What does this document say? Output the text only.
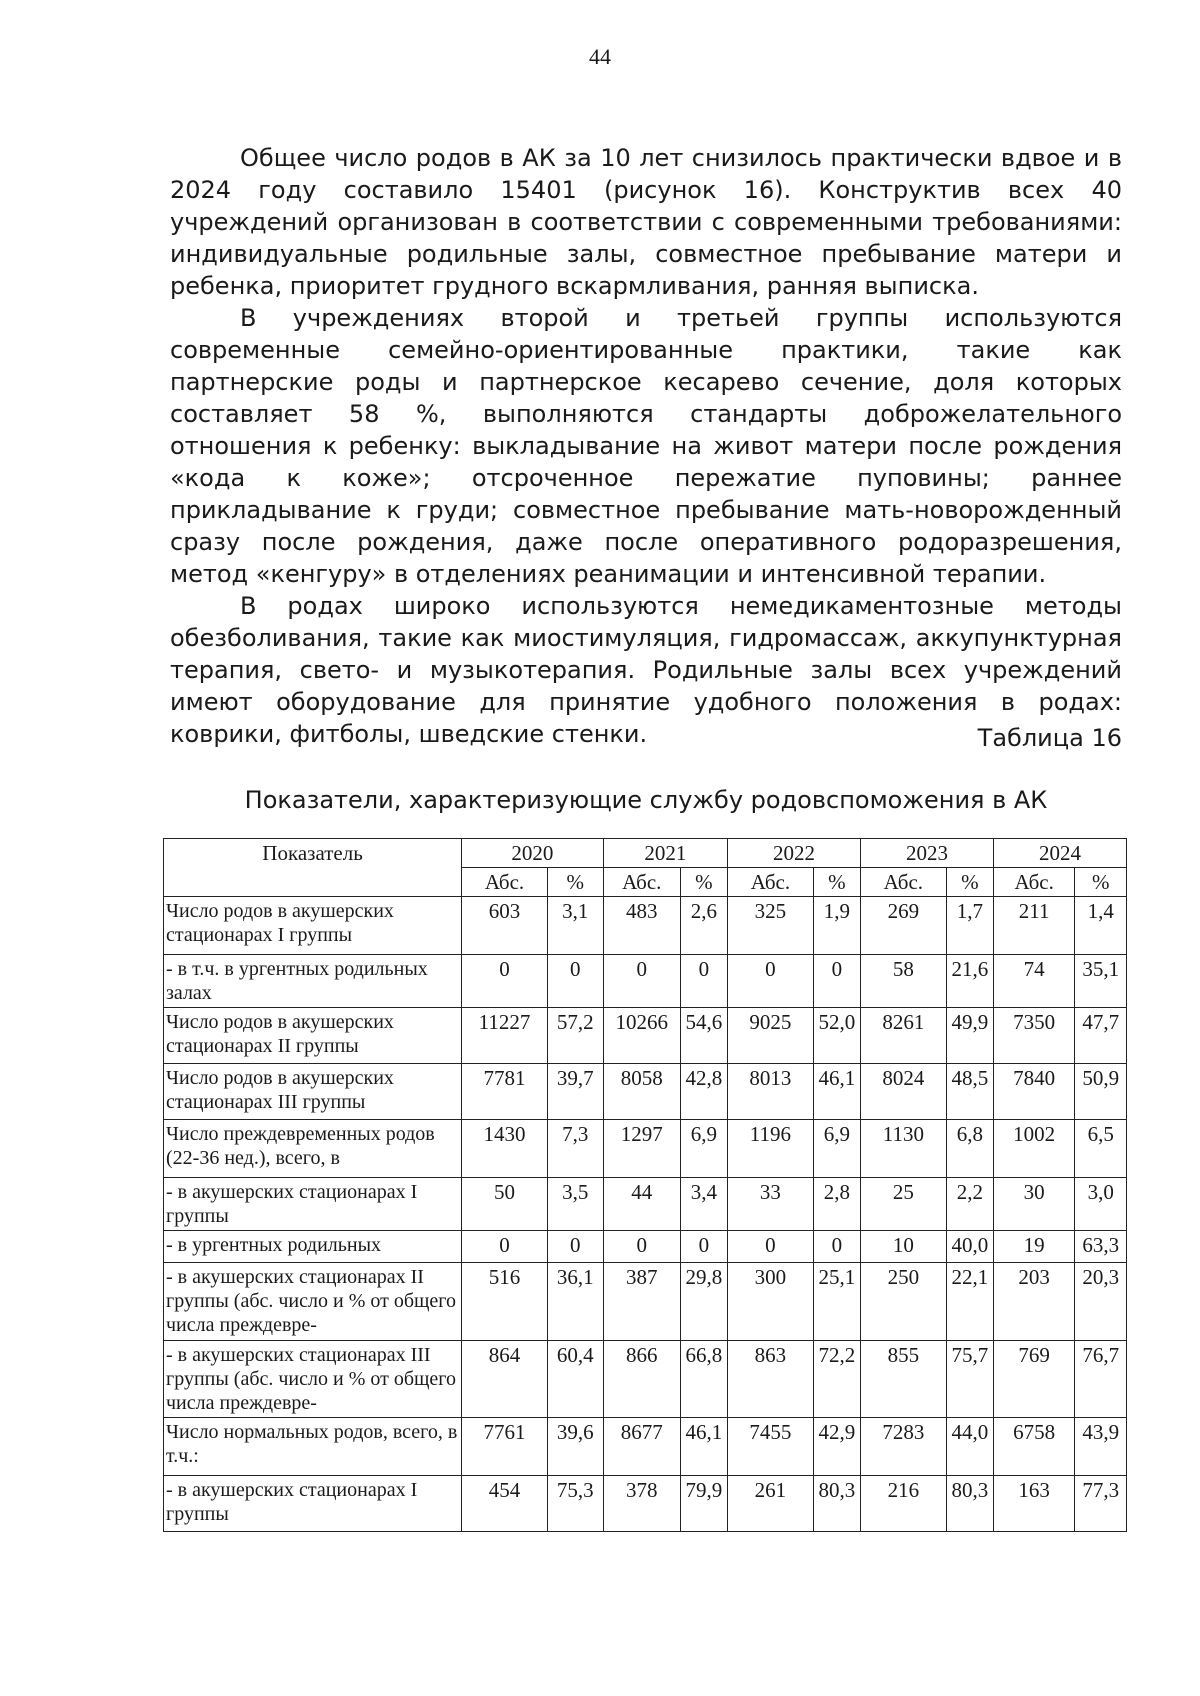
44

Общее число родов в АК за 10 лет снизилось практически вдвое и в 2024 году составило 15401 (рисунок 16). Конструктив всех 40 учреждений организован в соответствии с современными требованиями: индивидуальные родильные залы, совместное пребывание матери и ребенка, приоритет грудного вскармливания, ранняя выписка.

В учреждениях второй и третьей группы используются современные семейно-ориентированные практики, такие как партнерские роды и партнерское кесарево сечение, доля которых составляет 58 %, выполняются стандарты доброжелательного отношения к ребенку: выкладывание на живот матери после рождения «кода к коже»; отсроченное пережатие пуповины; раннее прикладывание к груди; совместное пребывание мать-новорожденный сразу после рождения, даже после оперативного родоразрешения, метод «кенгуру» в отделениях реанимации и интенсивной терапии.

В родах широко используются немедикаментозные методы обезболивания, такие как миостимуляция, гидромассаж, аккупунктурная терапия, свето- и музыкотерапия. Родильные залы всех учреждений имеют оборудование для принятие удобного положения в родах: коврики, фитболы, шведские стенки.	Таблица 16
Показатели, характеризующие службу родовспоможения в АК
Показатель	2020		2021		2022		2023		2024	
	Абс.	%	Абс.	%	Абс.	%	Абс.	%	Абс.	%
Число родов в акушерских стационарах I группы	603	3,1	483	2,6	325	1,9	269	1,7	211	1,4
- в т.ч. в ургентных родильных залах	0	0	0	0	0	0	58	21,6	74	35,1
Число родов в акушерских стационарах II группы	11227	57,2	10266	54,6	9025	52,0	8261	49,9	7350	47,7
Число родов в акушерских стационарах III группы	7781	39,7	8058	42,8	8013	46,1	8024	48,5	7840	50,9
Число преждевременных родов (22-36 нед.), всего, в	1430	7,3	1297	6,9	1196	6,9	1130	6,8	1002	6,5
- в акушерских стационарах I группы	50	3,5	44	3,4	33	2,8	25	2,2	30	3,0
- в ургентных родильных	0	0	0	0	0	0	10	40,0	19	63,3
- в акушерских стационарах II группы (абс. число и % от общего числа преждевре-	516	36,1	387	29,8	300	25,1	250	22,1	203	20,3
- в акушерских стационарах III группы (абс. число и % от общего числа преждевре-	864	60,4	866	66,8	863	72,2	855	75,7	769	76,7
Число нормальных родов, всего, в т.ч.:	7761	39,6	8677	46,1	7455	42,9	7283	44,0	6758	43,9
- в акушерских стационарах I группы	454	75,3	378	79,9	261	80,3	216	80,3	163	77,3
